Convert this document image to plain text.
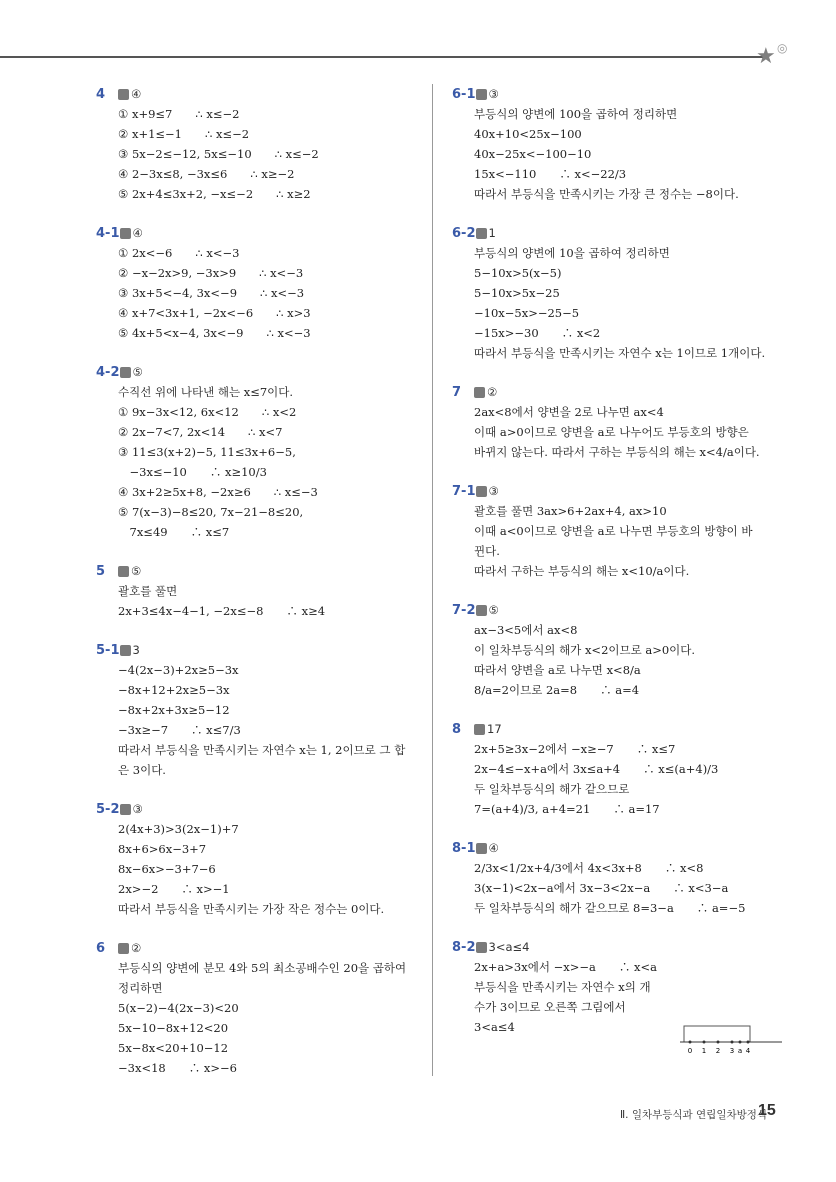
★ ◎
4	④
① x+9≤7　　∴ x≤−2
② x+1≤−1　　∴ x≤−2
③ 5x−2≤−12, 5x≤−10　　∴ x≤−2
④ 2−3x≤8, −3x≤6　　∴ x≥−2
⑤ 2x+4≤3x+2, −x≤−2　　∴ x≥2
4-1 ④
① 2x<−6　　∴ x<−3
② −x−2x>9, −3x>9　　∴ x<−3
③ 3x+5<−4, 3x<−9　　∴ x<−3
④ x+7<3x+1, −2x<−6　　∴ x>3
⑤ 4x+5<x−4, 3x<−9　　∴ x<−3
4-2 ⑤
수직선 위에 나타낸 해는 x≤7이다.
① 9x−3x<12, 6x<12　　∴ x<2
② 2x−7<7, 2x<14　　∴ x<7
③ 11≤3(x+2)−5, 11≤3x+6−5,
　−3x≤−10　　∴ x≥10/3
④ 3x+2≥5x+8, −2x≥6　　∴ x≤−3
⑤ 7(x−3)−8≤20, 7x−21−8≤20,
　7x≤49　　∴ x≤7
5	⑤
괄호를 풀면
2x+3≤4x−4−1, −2x≤−8　　∴ x≥4
5-1 3
−4(2x−3)+2x≥5−3x
−8x+12+2x≥5−3x
−8x+2x+3x≥5−12
−3x≥−7　　∴ x≤7/3
따라서 부등식을 만족시키는 자연수 x는 1, 2이므로 그 합
은 3이다.
5-2 ③
2(4x+3)>3(2x−1)+7
8x+6>6x−3+7
8x−6x>−3+7−6
2x>−2　　∴ x>−1
따라서 부등식을 만족시키는 가장 작은 정수는 0이다.
6	②
부등식의 양변에 분모 4와 5의 최소공배수인 20을 곱하여
정리하면
5(x−2)−4(2x−3)<20
5x−10−8x+12<20
5x−8x<20+10−12
−3x<18　　∴ x>−6
6-1 ③
부등식의 양변에 100을 곱하여 정리하면
40x+10<25x−100
40x−25x<−100−10
15x<−110　　∴ x<−22/3
따라서 부등식을 만족시키는 가장 큰 정수는 −8이다.
6-2 1
부등식의 양변에 10을 곱하여 정리하면
5−10x>5(x−5)
5−10x>5x−25
−10x−5x>−25−5
−15x>−30　　∴ x<2
따라서 부등식을 만족시키는 자연수 x는 1이므로 1개이다.
7	②
2ax<8에서 양변을 2로 나누면 ax<4
이때 a>0이므로 양변을 a로 나누어도 부등호의 방향은
바뀌지 않는다. 따라서 구하는 부등식의 해는 x<4/a이다.
7-1 ③
괄호를 풀면 3ax>6+2ax+4, ax>10
이때 a<0이므로 양변을 a로 나누면 부등호의 방향이 바
뀐다.
따라서 구하는 부등식의 해는 x<10/a이다.
7-2 ⑤
ax−3<5에서 ax<8
이 일차부등식의 해가 x<2이므로 a>0이다.
따라서 양변을 a로 나누면 x<8/a
8/a=2이므로 2a=8　　∴ a=4
8	17
2x+5≥3x−2에서 −x≥−7　　∴ x≤7
2x−4≤−x+a에서 3x≤a+4　　∴ x≤(a+4)/3
두 일차부등식의 해가 같으므로
7=(a+4)/3, a+4=21　　∴ a=17
8-1 ④
2/3x<1/2x+4/3에서 4x<3x+8　　∴ x<8
3(x−1)<2x−a에서 3x−3<2x−a　　∴ x<3−a
두 일차부등식의 해가 같으므로 8=3−a　　∴ a=−5
8-2 3<a≤4
2x+a>3x에서 −x>−a　　∴ x<a
부등식을 만족시키는 자연수 x의 개
수가 3이므로 오른쪽 그림에서
3<a≤4
0 1 2 3 a 4
Ⅱ. 일차부등식과 연립일차방정식
15
